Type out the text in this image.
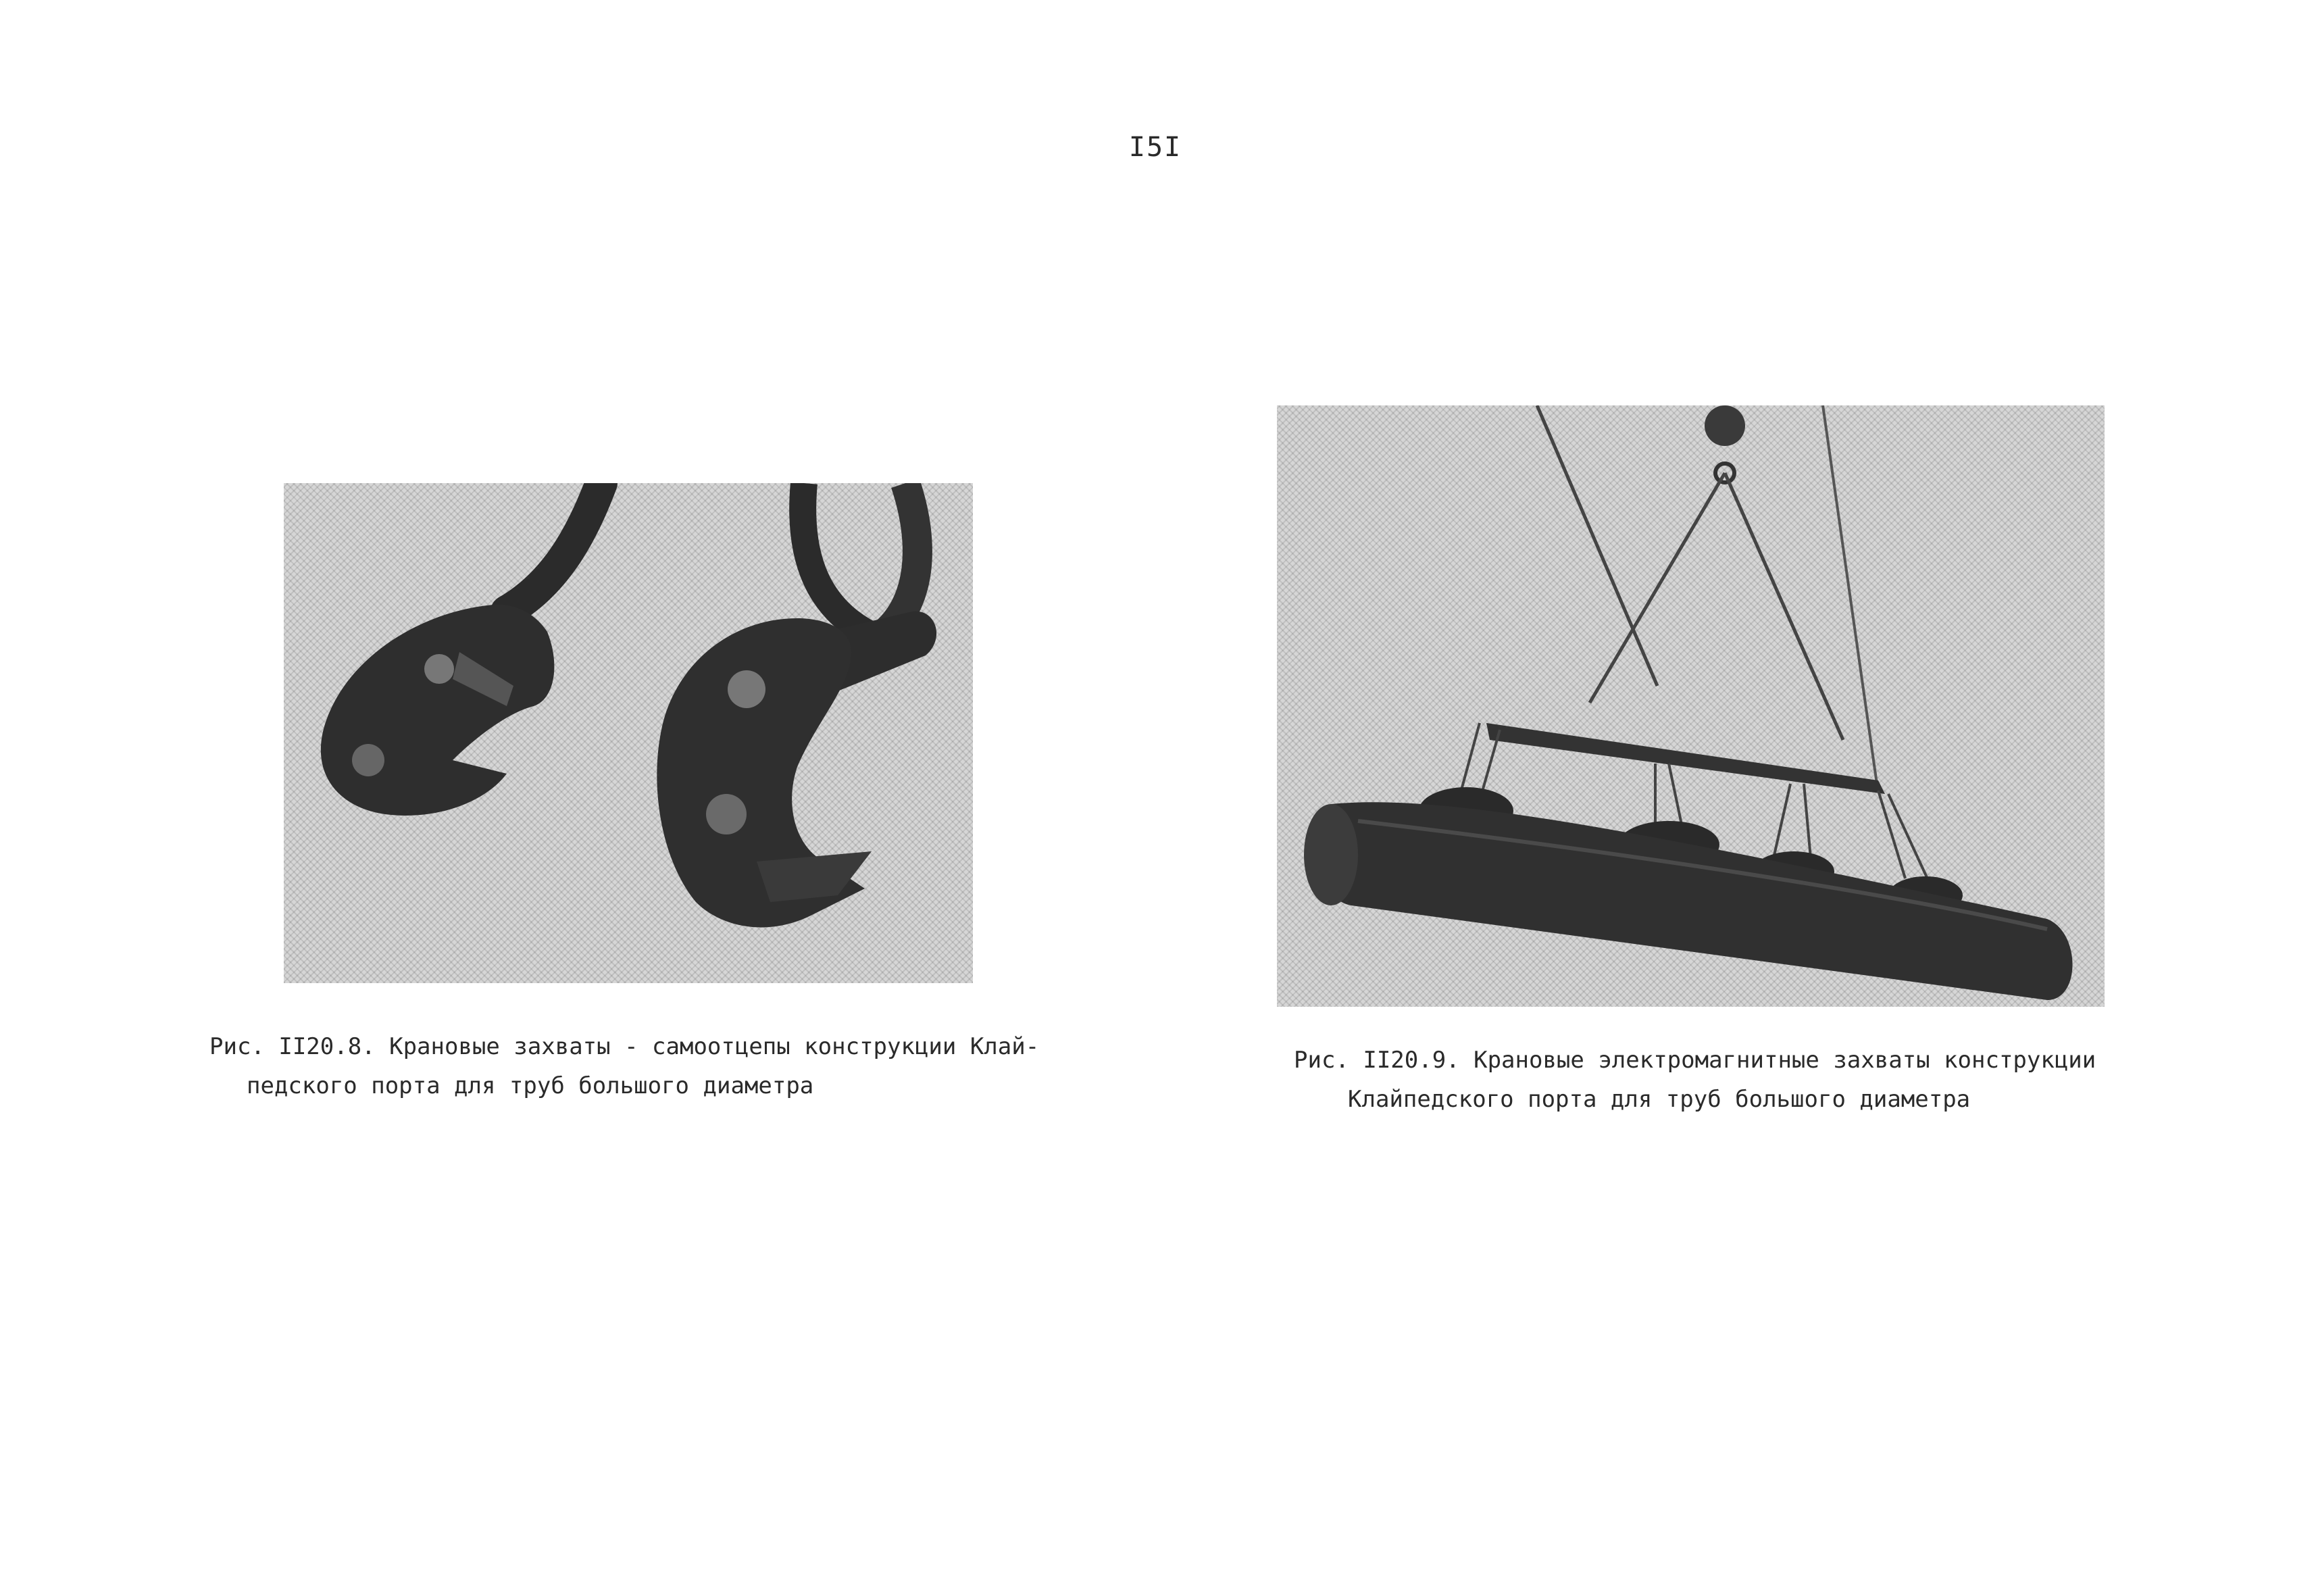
I5I
Рис. II20.8. Крановые захваты - самоотцепы конструкции Клай-
педского порта для труб большого диаметра
Рис. II20.9. Крановые электромагнитные захваты конструкции
Клайпедского порта для труб большого диаметра
